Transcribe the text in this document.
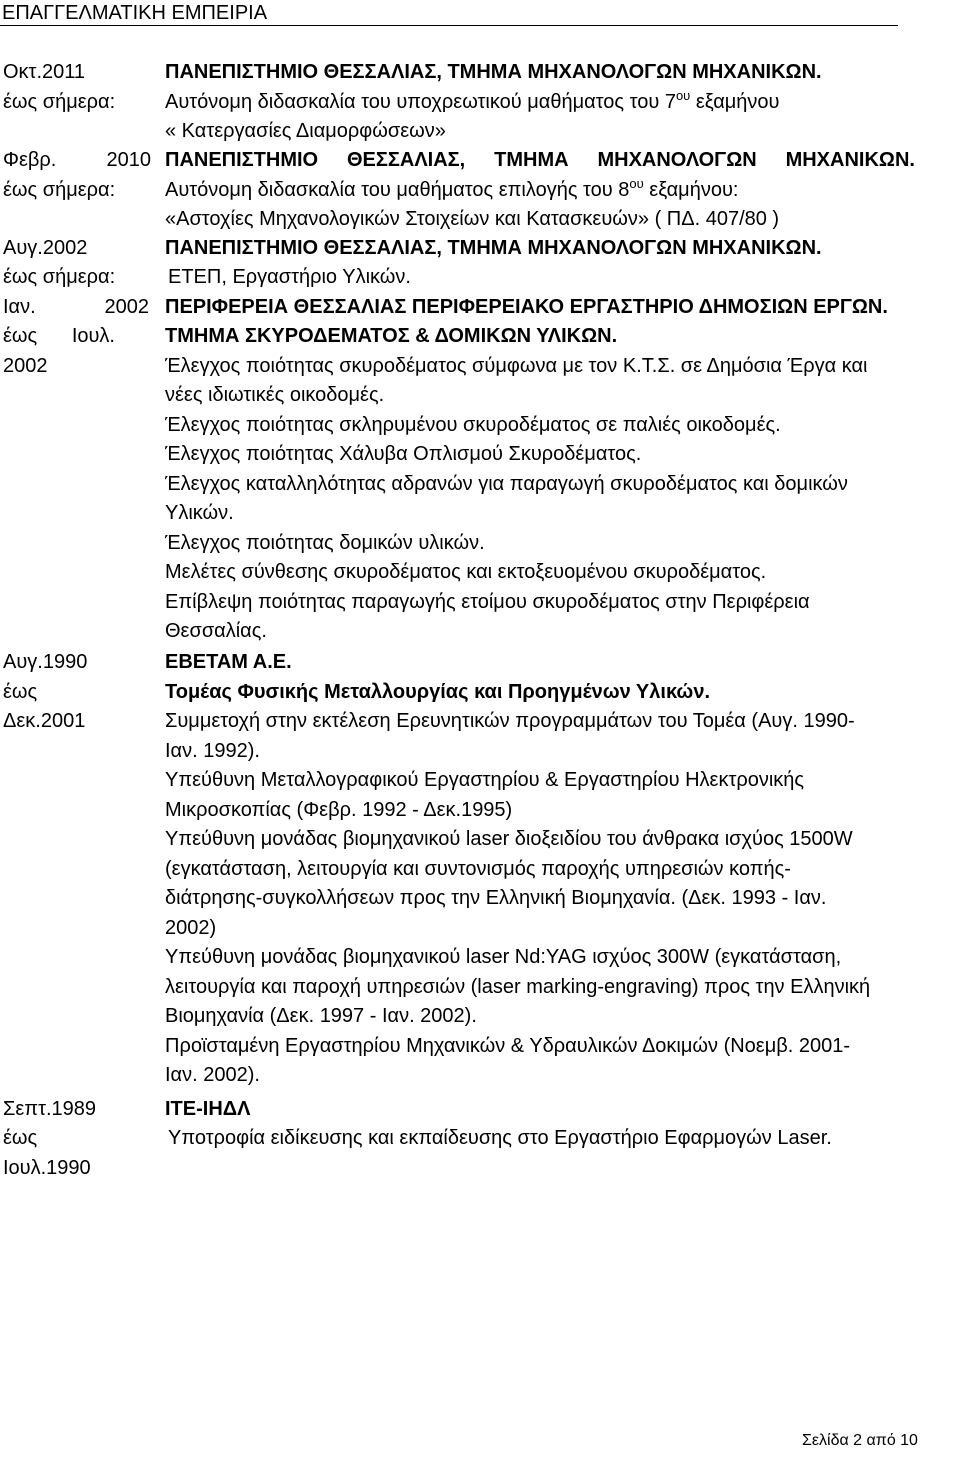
ΕΠΑΓΓΕΛΜΑΤΙΚΗ ΕΜΠΕΙΡΙΑ
Οκτ.2011	ΠΑΝΕΠΙΣΤΗΜΙΟ ΘΕΣΣΑΛΙΑΣ, ΤΜΗΜΑ ΜΗΧΑΝΟΛΟΓΩΝ ΜΗΧΑΝΙΚΩΝ.
έως σήμερα: Αυτόνομη διδασκαλία του υποχρεωτικού μαθήματος του $7^{o\upsilon}$ εξαμήνου
« Κατεργασίες Διαμορφώσεων»
Φεβρ.	2010 ΠΑΝΕΠΙΣΤΗΜΙΟ ΘΕΣΣΑΛΙΑΣ, ΤΜΗΜΑ ΜΗΧΑΝΟΛΟΓΩΝ ΜΗΧΑΝΙΚΩΝ.
έως σήμερα: Αυτόνομη διδασκαλία του μαθήματος επιλογής του $8^{o\upsilon}$ εξαμήνου:
«Αστοχίες Μηχανολογικών Στοιχείων και Κατασκευών» ( ΠΔ. 407/80 )
Αυγ.2002	ΠΑΝΕΠΙΣΤΗΜΙΟ ΘΕΣΣΑΛΙΑΣ, ΤΜΗΜΑ ΜΗΧΑΝΟΛΟΓΩΝ ΜΗΧΑΝΙΚΩΝ.
έως σήμερα:	ΕΤΕΠ, Εργαστήριο Υλικών.
Ιαν.	2002 ΠΕΡΙΦΕΡΕΙΑ ΘΕΣΣΑΛΙΑΣ ΠΕΡΙΦΕΡΕΙΑΚΟ ΕΡΓΑΣΤΗΡΙΟ ΔΗΜΟΣΙΩΝ ΕΡΓΩΝ.
έως Ιουλ.	ΤΜΗΜΑ ΣΚΥΡΟΔΕΜΑΤΟΣ & ΔΟΜΙΚΩΝ ΥΛΙΚΩΝ.
2002	Έλεγχος ποιότητας σκυροδέματος σύμφωνα με τον Κ.Τ.Σ. σε Δημόσια Έργα και
νέες ιδιωτικές οικοδομές.
Έλεγχος ποιότητας σκληρυμένου σκυροδέματος σε παλιές οικοδομές.
Έλεγχος ποιότητας Χάλυβα Οπλισμού Σκυροδέματος.
Έλεγχος καταλληλότητας αδρανών για παραγωγή σκυροδέματος και δομικών
Υλικών.
Έλεγχος ποιότητας δομικών υλικών.
Μελέτες σύνθεσης σκυροδέματος και εκτοξευομένου σκυροδέματος.
Επίβλεψη ποιότητας παραγωγής ετοίμου σκυροδέματος στην Περιφέρεια
Θεσσαλίας.
Αυγ.1990	ΕΒΕΤΑΜ Α.Ε.
έως	Τομέας Φυσικής Μεταλλουργίας και Προηγμένων Υλικών.
Δεκ.2001	Συμμετοχή στην εκτέλεση Ερευνητικών προγραμμάτων του Τομέα (Αυγ. 1990-
Ιαν. 1992).
Υπεύθυνη Μεταλλογραφικού Εργαστηρίου & Εργαστηρίου Ηλεκτρονικής
Μικροσκοπίας (Φεβρ. 1992 - Δεκ.1995)
Υπεύθυνη μονάδας βιομηχανικού laser διοξειδίου του άνθρακα ισχύος 1500W
(εγκατάσταση, λειτουργία και συντονισμός παροχής υπηρεσιών κοπής-
διάτρησης-συγκολλήσεων προς την Ελληνική Βιομηχανία. (Δεκ. 1993 - Ιαν.
2002)
Υπεύθυνη μονάδας βιομηχανικού laser Nd:YAG ισχύος 300W (εγκατάσταση,
λειτουργία και παροχή υπηρεσιών (laser marking-engraving) προς την Ελληνική
Βιομηχανία (Δεκ. 1997 - Ιαν. 2002).
Προϊσταμένη Εργαστηρίου Μηχανικών & Υδραυλικών Δοκιμών (Νοεμβ. 2001-
Ιαν. 2002).
Σεπτ.1989	ΙΤΕ-ΙΗΔΛ
έως	Υποτροφία ειδίκευσης και εκπαίδευσης στο Εργαστήριο Εφαρμογών Laser.
Ιουλ.1990
Σελίδα 2 από 10
